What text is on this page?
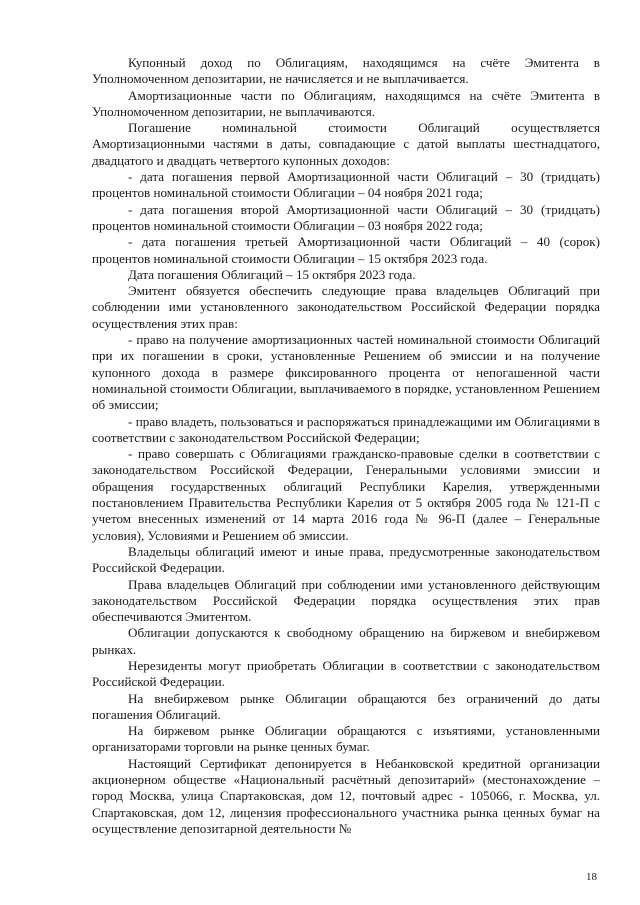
Купонный доход по Облигациям, находящимся на счёте Эмитента в Уполномоченном депозитарии, не начисляется и не выплачивается.

Амортизационные части по Облигациям, находящимся на счёте Эмитента в Уполномоченном депозитарии, не выплачиваются.

Погашение номинальной стоимости Облигаций осуществляется Амортизационными частями в даты, совпадающие с датой выплаты шестнадцатого, двадцатого и двадцать четвертого купонных доходов:

- дата погашения первой Амортизационной части Облигаций – 30 (тридцать) процентов номинальной стоимости Облигации – 04 ноября 2021 года;

- дата погашения второй Амортизационной части Облигаций – 30 (тридцать) процентов номинальной стоимости Облигации – 03 ноября 2022 года;

- дата погашения третьей Амортизационной части Облигаций – 40 (сорок) процентов номинальной стоимости Облигации – 15 октября 2023 года.

Дата погашения Облигаций – 15 октября 2023 года.

Эмитент обязуется обеспечить следующие права владельцев Облигаций при соблюдении ими установленного законодательством Российской Федерации порядка осуществления этих прав:

- право на получение амортизационных частей номинальной стоимости Облигаций при их погашении в сроки, установленные Решением об эмиссии и на получение купонного дохода в размере фиксированного процента от непогашенной части номинальной стоимости Облигации, выплачиваемого в порядке, установленном Решением об эмиссии;

- право владеть, пользоваться и распоряжаться принадлежащими им Облигациями в соответствии с законодательством Российской Федерации;

- право совершать с Облигациями гражданско-правовые сделки в соответствии с законодательством Российской Федерации, Генеральными условиями эмиссии и обращения государственных облигаций Республики Карелия, утвержденными постановлением Правительства Республики Карелия от 5 октября 2005 года № 121-П с учетом внесенных изменений от 14 марта 2016 года № 96-П (далее – Генеральные условия), Условиями и Решением об эмиссии.

Владельцы облигаций имеют и иные права, предусмотренные законодательством Российской Федерации.

Права владельцев Облигаций при соблюдении ими установленного действующим законодательством Российской Федерации порядка осуществления этих прав обеспечиваются Эмитентом.

Облигации допускаются к свободному обращению на биржевом и внебиржевом рынках.

Нерезиденты могут приобретать Облигации в соответствии с законодательством Российской Федерации.

На внебиржевом рынке Облигации обращаются без ограничений до даты погашения Облигаций.

На биржевом рынке Облигации обращаются с изъятиями, установленными организаторами торговли на рынке ценных бумаг.

Настоящий Сертификат депонируется в Небанковской кредитной организации акционерном обществе «Национальный расчётный депозитарий» (местонахождение – город Москва, улица Спартаковская, дом 12, почтовый адрес - 105066, г. Москва, ул. Спартаковская, дом 12, лицензия профессионального участника рынка ценных бумаг на осуществление депозитарной деятельности №

18
